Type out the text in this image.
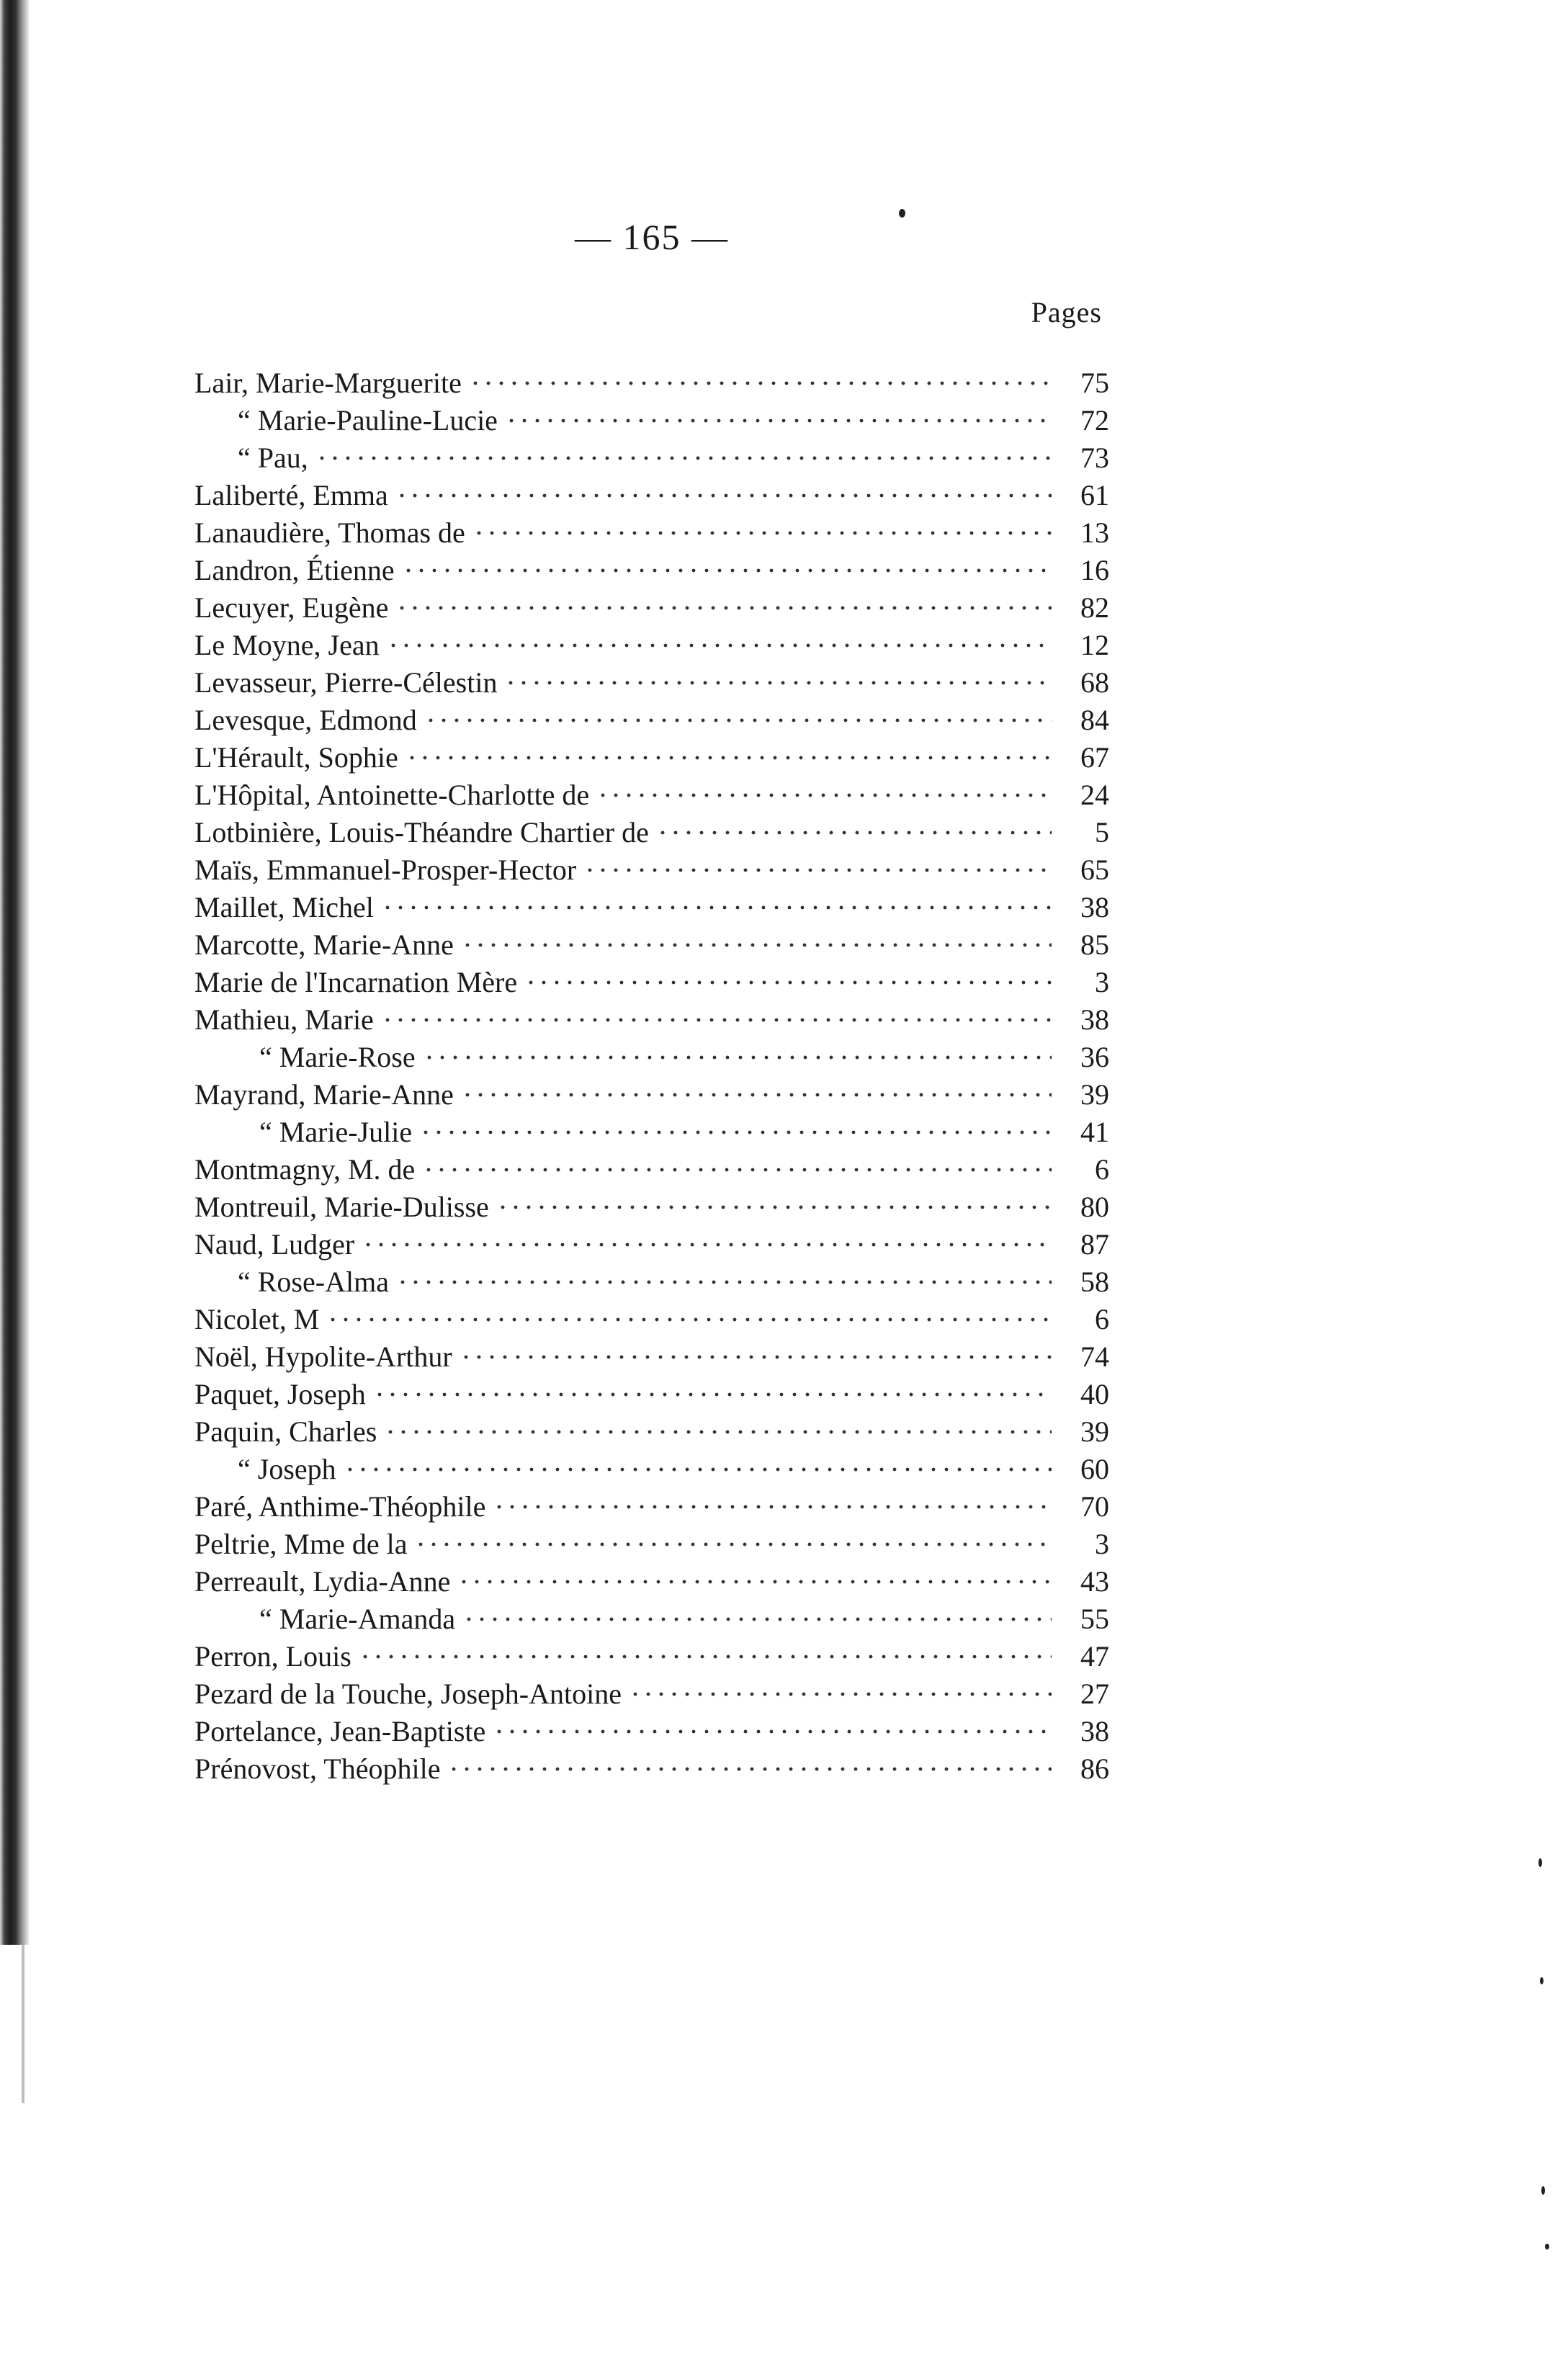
— 165 —
Pages
Lair, Marie-Marguerite	75
“ Marie-Pauline-Lucie	72
“ Pau,	73
Laliberté, Emma	61
Lanaudière, Thomas de	13
Landron, Étienne	16
Lecuyer, Eugène	82
Le Moyne, Jean	12
Levasseur, Pierre-Célestin	68
Levesque, Edmond	84
L'Hérault, Sophie	67
L'Hôpital, Antoinette-Charlotte de	24
Lotbinière, Louis-Théandre Chartier de	5
Maïs, Emmanuel-Prosper-Hector	65
Maillet, Michel	38
Marcotte, Marie-Anne	85
Marie de l'Incarnation Mère	3
Mathieu, Marie	38
“ Marie-Rose	36
Mayrand, Marie-Anne	39
“ Marie-Julie	41
Montmagny, M. de	6
Montreuil, Marie-Dulisse	80
Naud, Ludger	87
“ Rose-Alma	58
Nicolet, M	6
Noël, Hypolite-Arthur	74
Paquet, Joseph	40
Paquin, Charles	39
“ Joseph	60
Paré, Anthime-Théophile	70
Peltrie, Mme de la	3
Perreault, Lydia-Anne	43
“ Marie-Amanda	55
Perron, Louis	47
Pezard de la Touche, Joseph-Antoine	27
Portelance, Jean-Baptiste	38
Prénovost, Théophile	86
